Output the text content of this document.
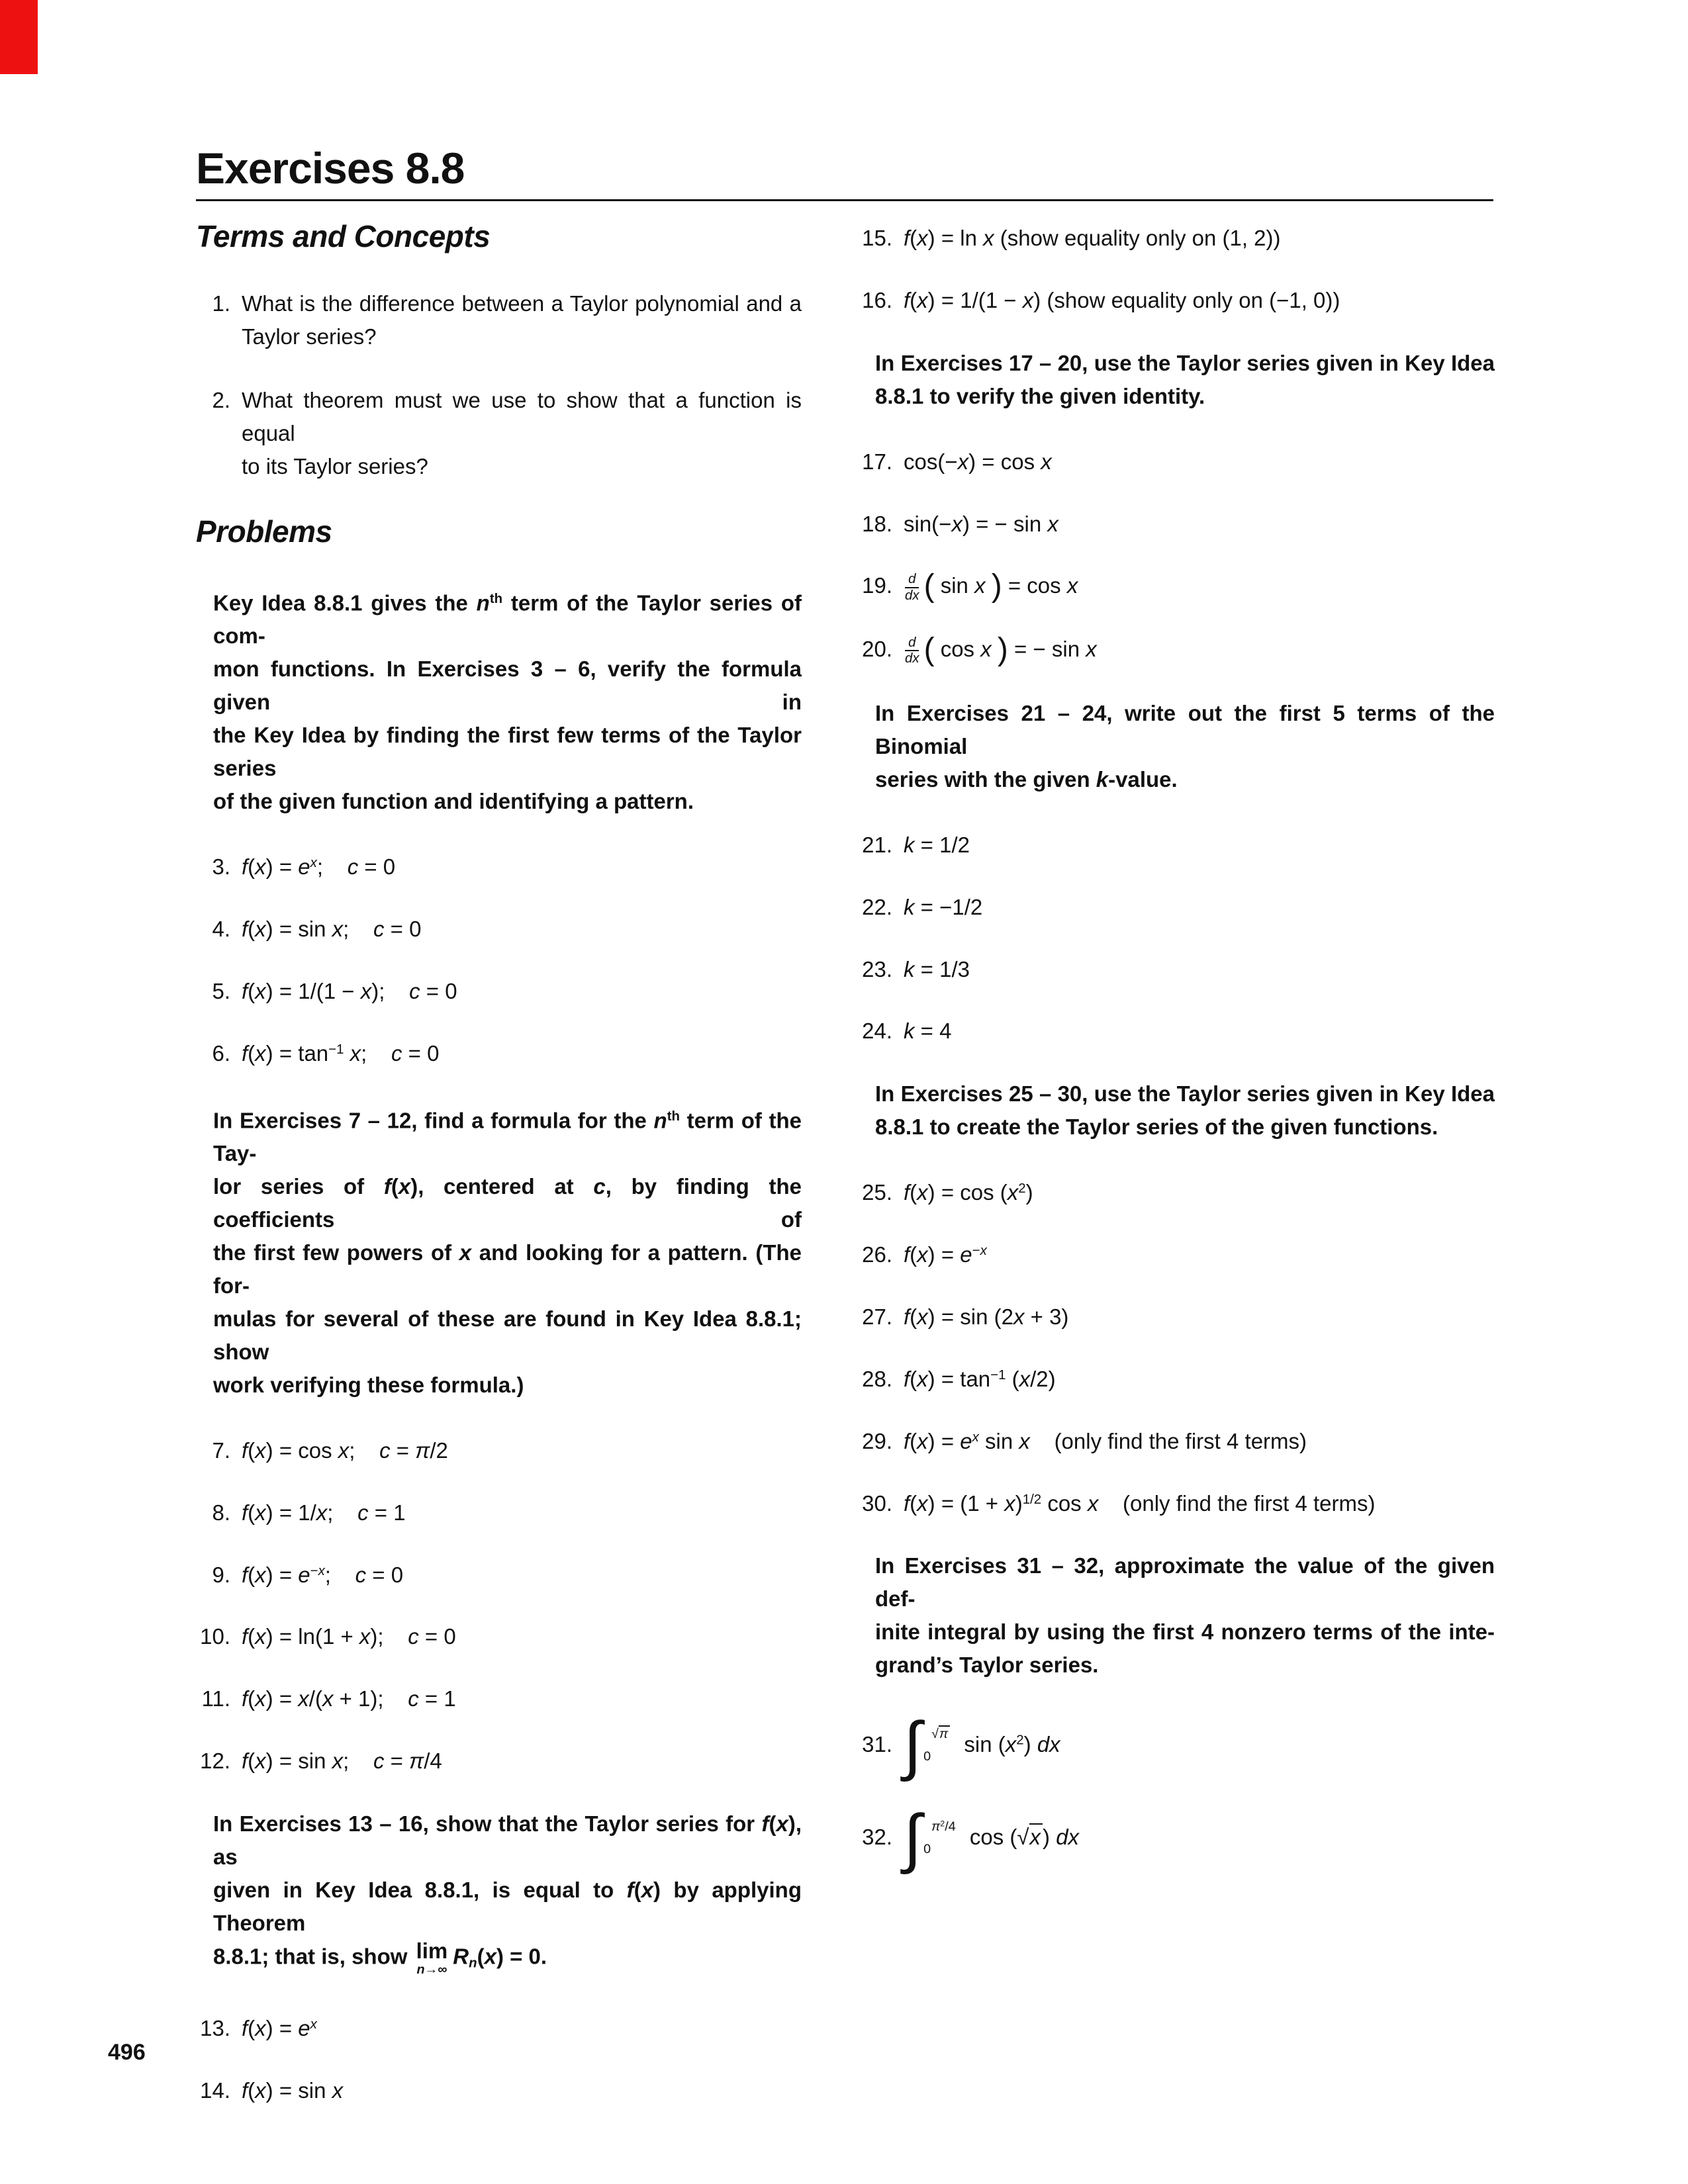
Exercises 8.8
Terms and Concepts
1. What is the difference between a Taylor polynomial and a
Taylor series?
2. What theorem must we use to show that a function is equal
to its Taylor series?
Problems
Key Idea 8.8.1 gives the $n^{th}$ term of the Taylor series of com-
mon functions. In Exercises 3 – 6, verify the formula given in
the Key Idea by finding the first few terms of the Taylor series
of the given function and identifying a pattern.
3. $f(x) = e^x$;    c = 0
4. f(x) = sin x;    c = 0
5. f(x) = 1/(1 − x);    c = 0
6. $f(x) = \tan^{-1} x$;    c = 0
In Exercises 7 – 12, find a formula for the $n^{th}$ term of the Tay-
lor series of f(x), centered at c, by finding the coefficients of
the first few powers of x and looking for a pattern. (The for-
mulas for several of these are found in Key Idea 8.8.1; show
work verifying these formula.)
7. f(x) = cos x;    c = π/2
8. f(x) = 1/x;    c = 1
9. $f(x) = e^{-x}$;    c = 0
10. f(x) = ln(1 + x);    c = 0
11. f(x) = x/(x + 1);    c = 1
12. f(x) = sin x;    c = π/4
In Exercises 13 – 16, show that the Taylor series for f(x), as
given in Key Idea 8.8.1, is equal to f(x) by applying Theorem
8.8.1; that is, show lim
n→∞
Rn(x) = 0.
13. $f(x) = e^x$
14. f(x) = sin x
15. f(x) = ln x (show equality only on (1, 2))
16. f(x) = 1/(1 − x) (show equality only on (−1, 0))
In Exercises 17 – 20, use the Taylor series given in Key Idea
8.8.1 to verify the given identity.
17. cos(−x) = cos x
18. sin(−x) = − sin x
19. $\frac{d}{dx}$ ( sin x ) = cos x
20. $\frac{d}{dx}$ ( cos x ) = − sin x
In Exercises 21 – 24, write out the first 5 terms of the Binomial
series with the given k-value.
21. k = 1/2
22. k = −1/2
23. k = 1/3
24. k = 4
In Exercises 25 – 30, use the Taylor series given in Key Idea
8.8.1 to create the Taylor series of the given functions.
25. $f(x) = \cos (x^2)$
26. $f(x) = e^{-x}$
27. f(x) = sin (2x + 3)
28. $f(x) = \tan^{-1} (x/2)$
29. $f(x) = e^x$ sin x    (only find the first 4 terms)
30. $f(x) = (1 + x)^{1/2}$ cos x    (only find the first 4 terms)
In Exercises 31 – 32, approximate the value of the given def-
inite integral by using the first 4 nonzero terms of the inte-
grand’s Taylor series.
31. ∫ √π
0 $\sin (x^2)$ dx
32. ∫ $\pi^2/4$
0 cos (√x) dx
496
